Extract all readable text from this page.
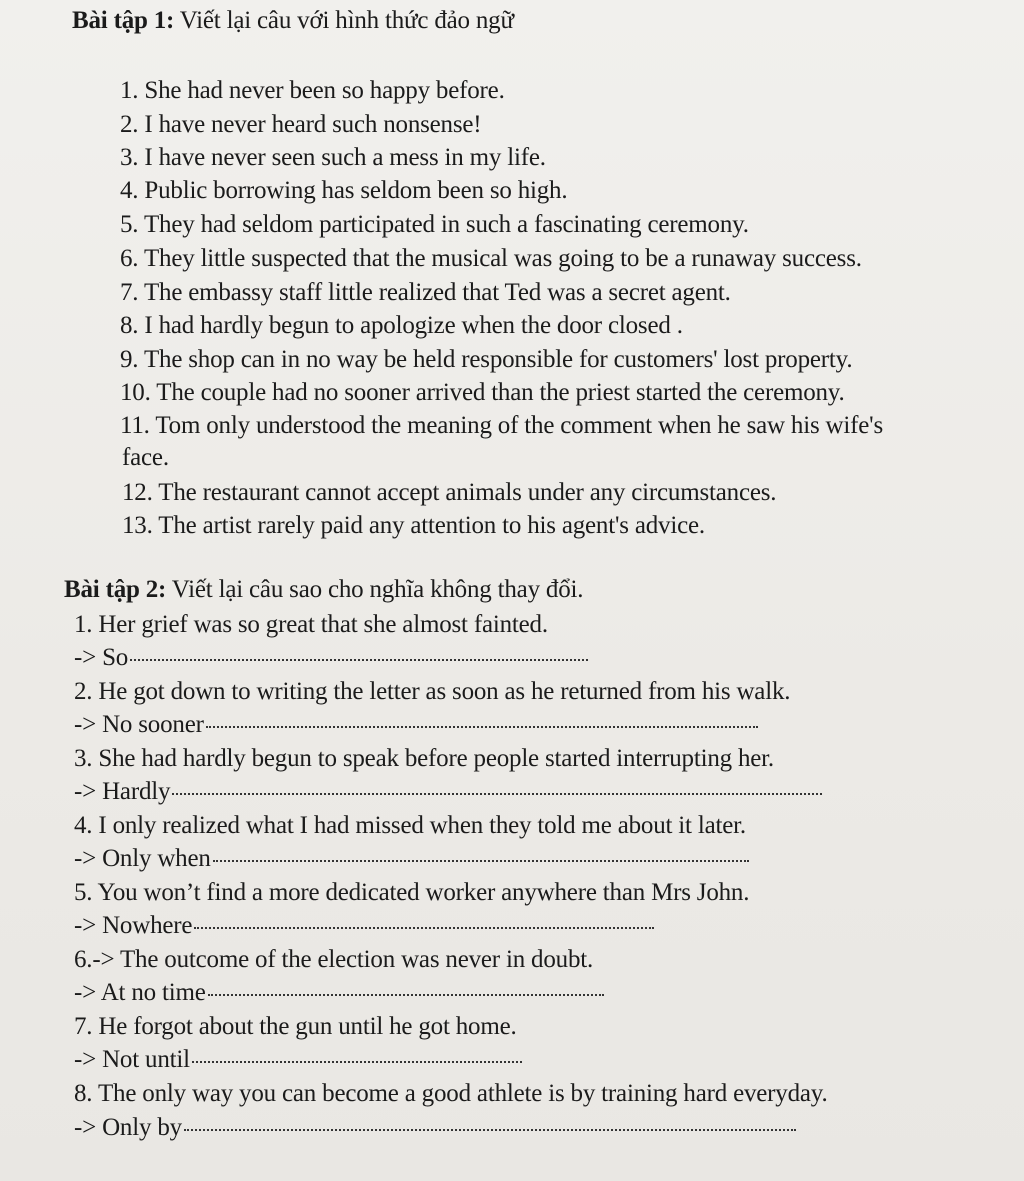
Bài tập 1: Viết lại câu với hình thức đảo ngữ
1. She had never been so happy before.
2. I have never heard such nonsense!
3. I have never seen such a mess in my life.
4. Public borrowing has seldom been so high.
5. They had seldom participated in such a fascinating ceremony.
6. They little suspected that the musical was going to be a runaway success.
7. The embassy staff little realized that Ted was a secret agent.
8. I had hardly begun to apologize when the door closed .
9. The shop can in no way be held responsible for customers' lost property.
10. The couple had no sooner arrived than the priest started the ceremony.
11. Tom only understood the meaning of the comment when he saw his wife's
face.
12. The restaurant cannot accept animals under any circumstances.
13. The artist rarely paid any attention to his agent's advice.
Bài tập 2: Viết lại câu sao cho nghĩa không thay đổi.
1. Her grief was so great that she almost fainted.
-> So
2. He got down to writing the letter as soon as he returned from his walk.
-> No sooner
3. She had hardly begun to speak before people started interrupting her.
-> Hardly
4. I only realized what I had missed when they told me about it later.
-> Only when
5. You won’t find a more dedicated worker anywhere than Mrs John.
-> Nowhere
6.-> The outcome of the election was never in doubt.
-> At no time
7. He forgot about the gun until he got home.
-> Not until
8. The only way you can become a good athlete is by training hard everyday.
-> Only by
